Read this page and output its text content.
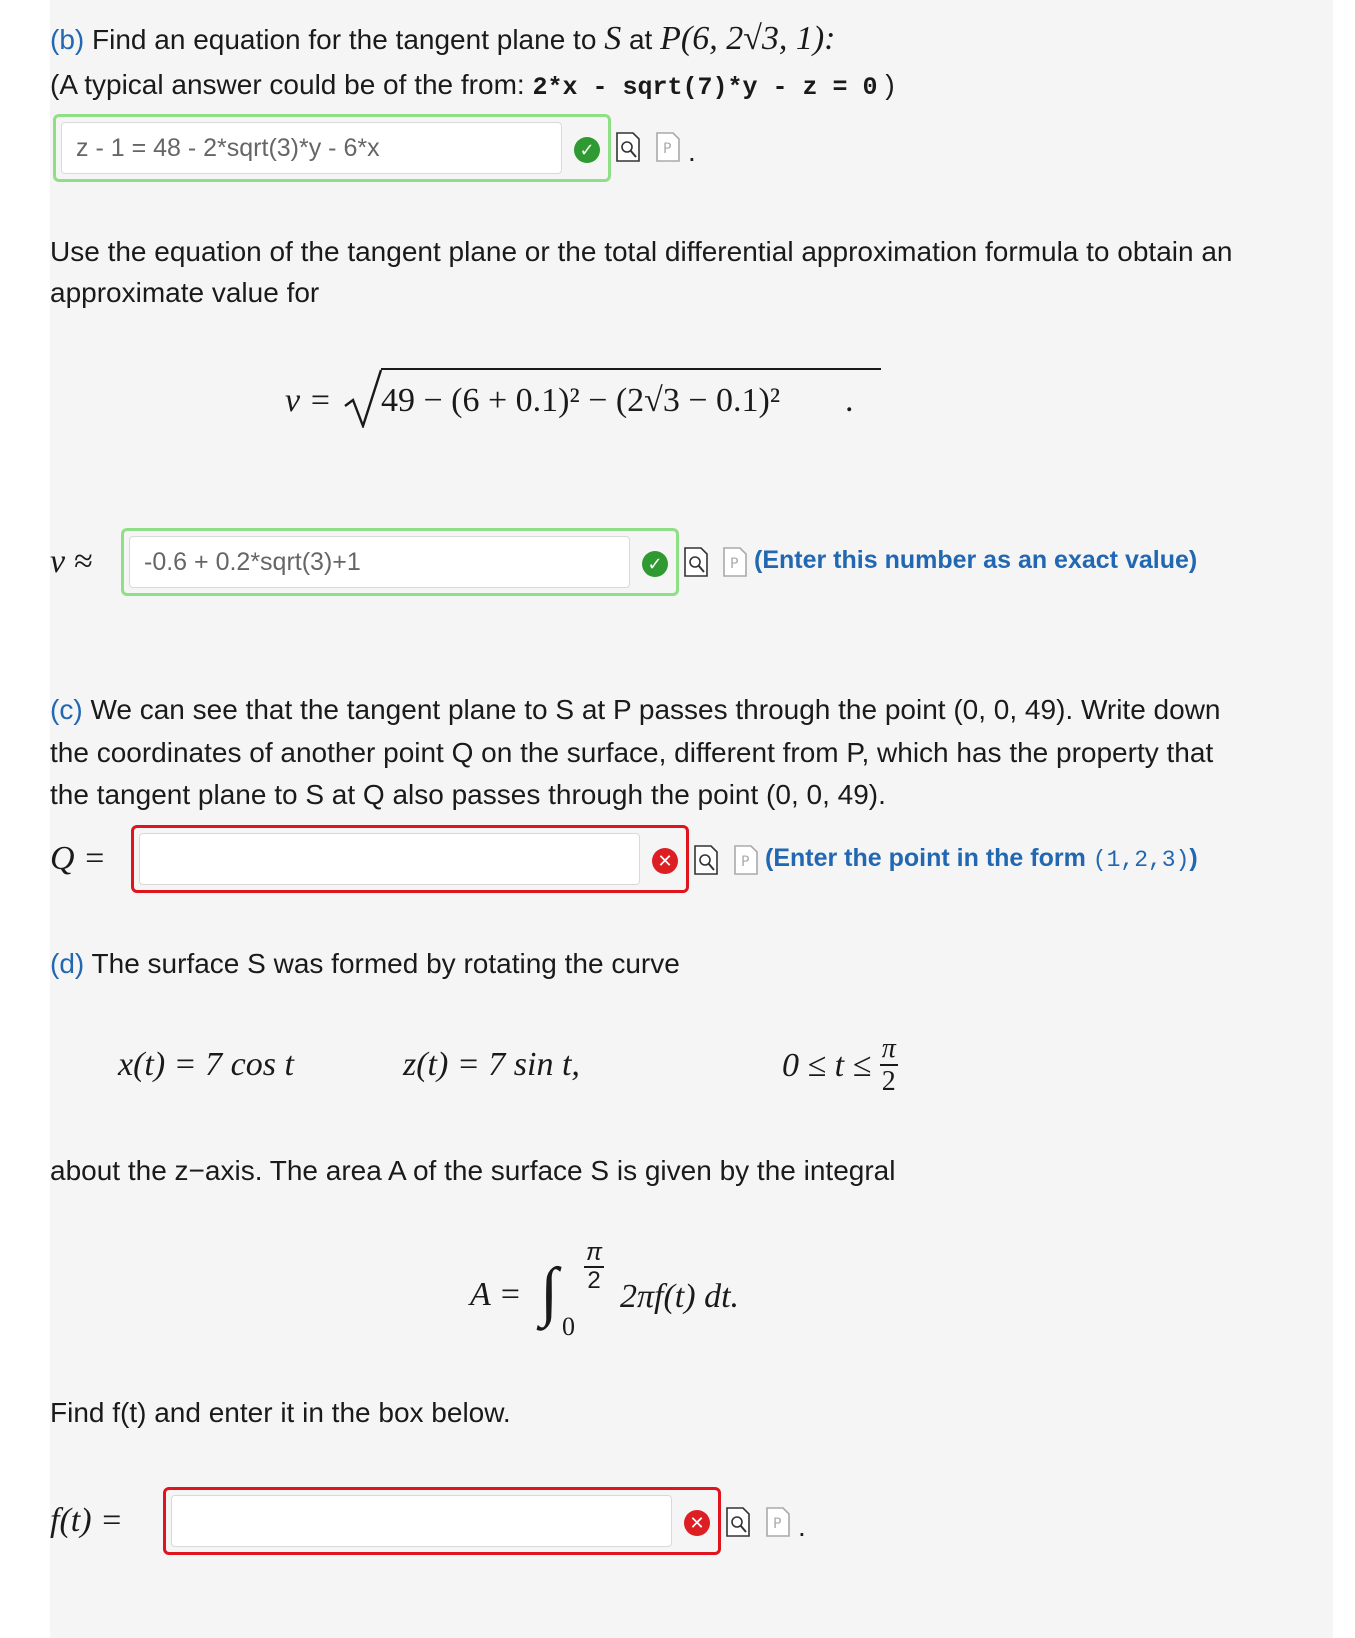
(b) Find an equation for the tangent plane to S at P(6, 2√3, 1):
(A typical answer could be of the from: 2*x - sqrt(7)*y - z = 0 )
z - 1 = 48 - 2*sqrt(3)*y - 6*x	✓	P .
Use the equation of the tangent plane or the total differential approximation formula to obtain an
approximate value for
v = 49 − (6 + 0.1)² − (2√3 − 0.1)² .
v ≈	-0.6 + 0.2*sqrt(3)+1	✓	P (Enter this number as an exact value)
(c) We can see that the tangent plane to S at P passes through the point (0, 0, 49). Write down
the coordinates of another point Q on the surface, different from P, which has the property that
the tangent plane to S at Q also passes through the point (0, 0, 49).
Q =	✕	P (Enter the point in the form (1,2,3))
(d) The surface S was formed by rotating the curve
x(t) = 7 cos t	z(t) = 7 sin t,	$0 \le t \le \frac{\pi}{2}$
about the z−axis. The area A of the surface S is given by the integral
A = ∫ $\frac{\pi}{2}$
0
2πf(t) dt.
Find f(t) and enter it in the box below.
f(t) =	✕	P .
